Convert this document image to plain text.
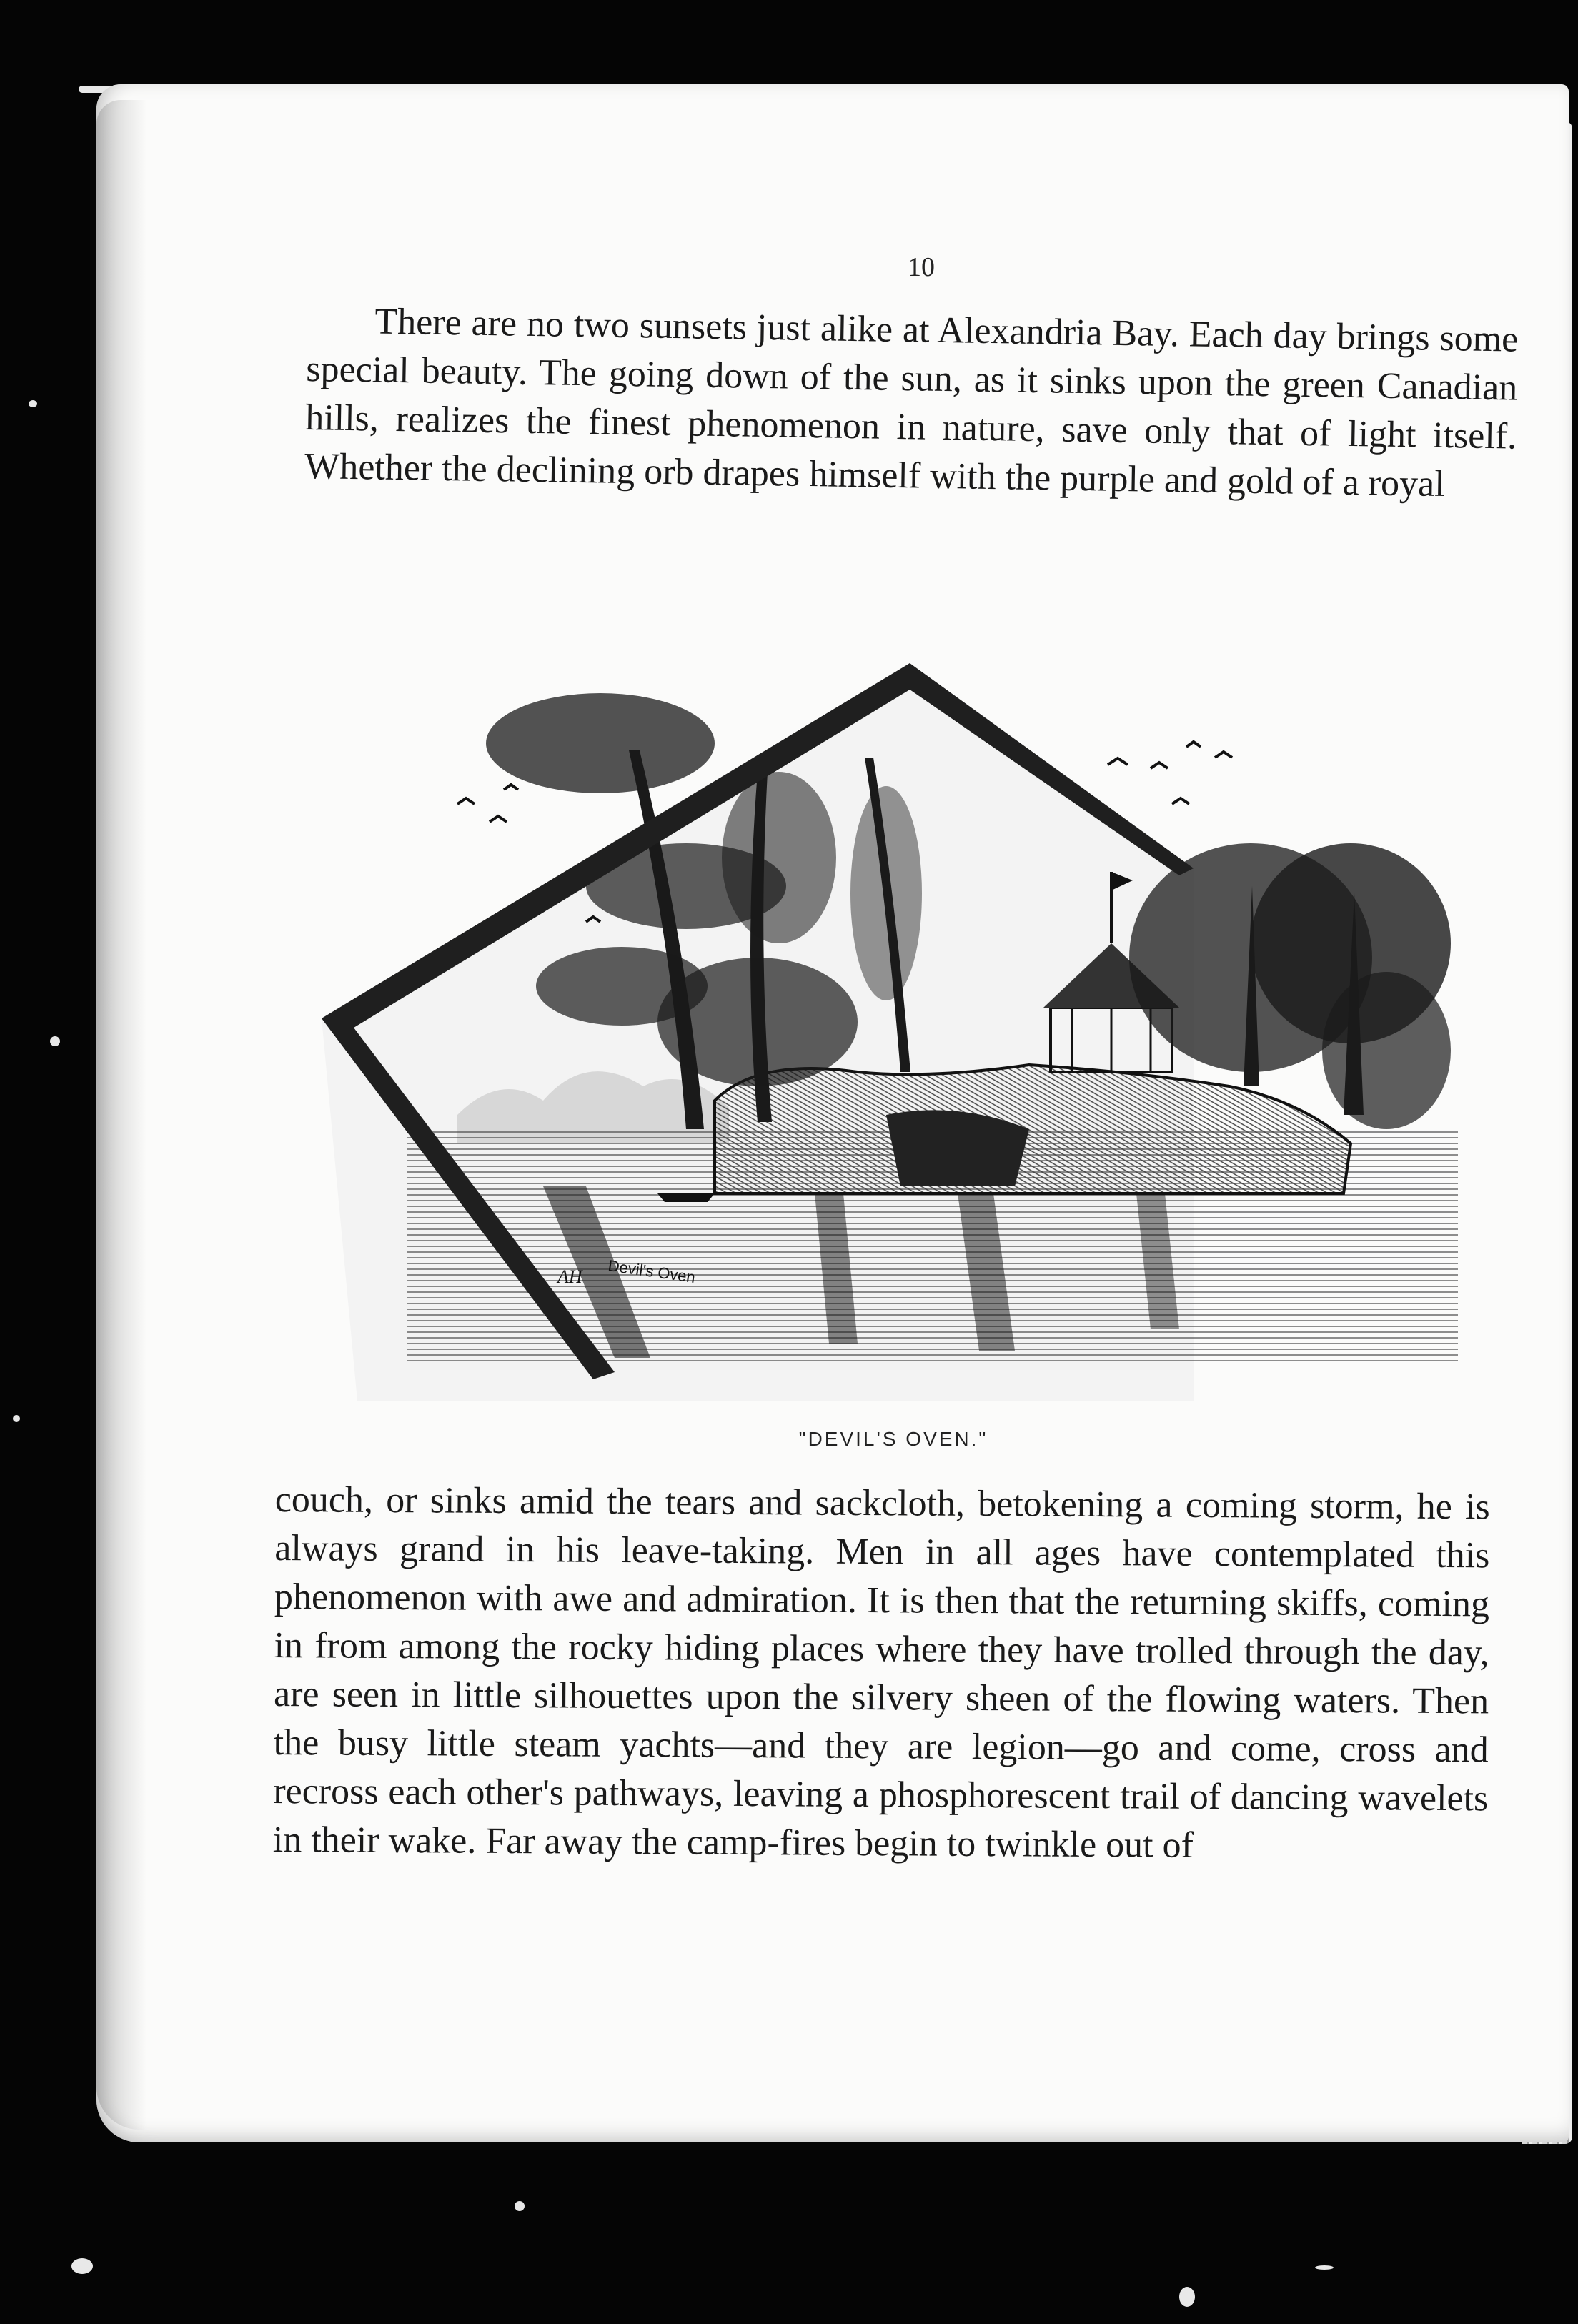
10

There are no two sunsets just alike at Alexandria Bay. Each day brings some special beauty. The going down of the sun, as it sinks upon the green Canadian hills, realizes the finest phenomenon in nature, save only that of light itself. Whether the declining orb drapes himself with the purple and gold of a royal

Devil's Oven
AH
"DEVIL'S OVEN."

couch, or sinks amid the tears and sackcloth, betokening a coming storm, he is always grand in his leave-taking. Men in all ages have contemplated this phenomenon with awe and admiration. It is then that the returning skiffs, coming in from among the rocky hiding places where they have trolled through the day, are seen in little silhouettes upon the silvery sheen of the flowing waters. Then the busy little steam yachts—and they are legion—go and come, cross and recross each other's pathways, leaving a phosphorescent trail of dancing wavelets in their wake. Far away the camp-fires begin to twinkle out of
